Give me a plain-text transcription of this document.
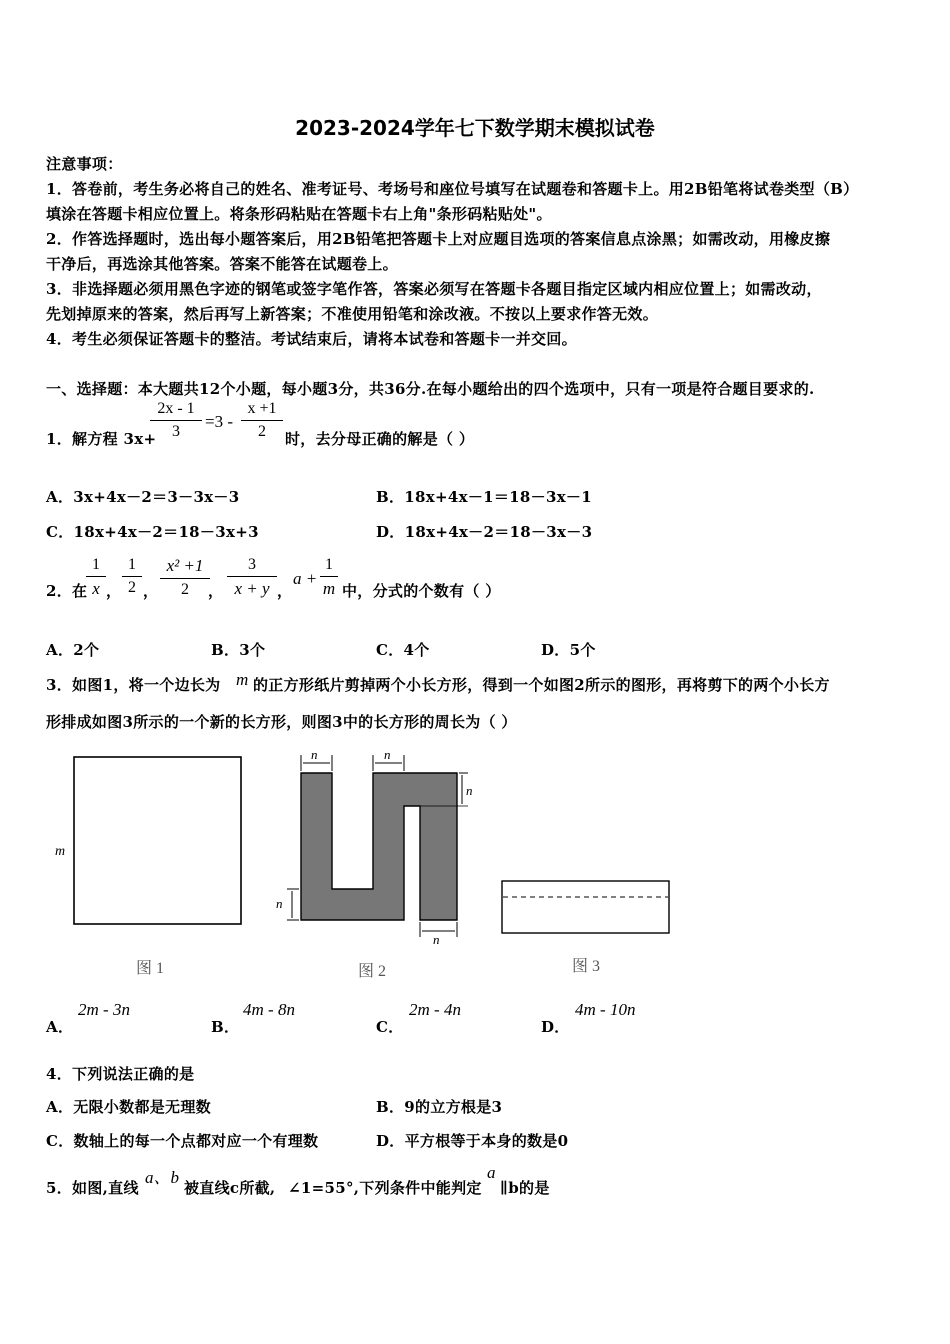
2023-2024学年七下数学期末模拟试卷
注意事项：
1．答卷前，考生务必将自己的姓名、准考证号、考场号和座位号填写在试题卷和答题卡上。用2B铅笔将试卷类型（B）
填涂在答题卡相应位置上。将条形码粘贴在答题卡右上角"条形码粘贴处"。
2．作答选择题时，选出每小题答案后，用2B铅笔把答题卡上对应题目选项的答案信息点涂黑；如需改动，用橡皮擦
干净后，再选涂其他答案。答案不能答在试题卷上。
3．非选择题必须用黑色字迹的钢笔或签字笔作答，答案必须写在答题卡各题目指定区域内相应位置上；如需改动，
先划掉原来的答案，然后再写上新答案；不准使用铅笔和涂改液。不按以上要求作答无效。
4．考生必须保证答题卡的整洁。考试结束后，请将本试卷和答题卡一并交回。
一、选择题：本大题共12个小题，每小题3分，共36分.在每小题给出的四个选项中，只有一项是符合题目要求的.
1．解方程 3x+
2x - 1
3
=3 -
x +1
2	时，去分母正确的解是（ ）
A．3x+4x－2＝3－3x－3	B．18x+4x－1＝18－3x－1
C．18x+4x－2＝18－3x+3	D．18x+4x－2＝18－3x－3
2．在
1
x ，
1
2 ，
x² +1
2	，
3
x + y ，
a +
1
m 中，分式的个数有（ ）
A．2个	B．3个	C．4个	D．5个
3．如图1，将一个边长为 m 的正方形纸片剪掉两个小长方形，得到一个如图2所示的图形，再将剪下的两个小长方
形排成如图3所示的一个新的长方形，则图3中的长方形的周长为（ ）
m
图 1
n	n
n
n
n
图 2	图 3
A．
2m - 3n
B．
4m - 8n
C．
2m - 4n
D．
4m - 10n
4．下列说法正确的是
A．无限小数都是无理数	B．9的立方根是3
C．数轴上的每一个点都对应一个有理数	D．平方根等于本身的数是0
5．如图,直线
a、b
被直线c所截, ∠1=55°,下列条件中能判定
a
∥b的是
